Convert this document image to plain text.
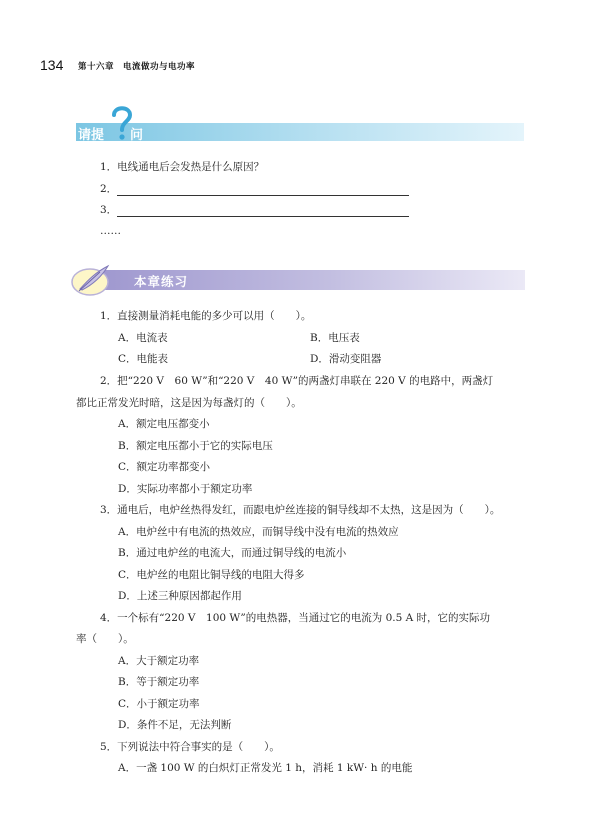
134 第十六章　电流做功与电功率
请提 问
1．电线通电后会发热是什么原因？
2．
3．
……
本章练习
1．直接测量消耗电能的多少可以用（　　）。
A．电流表	B．电压表
C．电能表	D．滑动变阻器
2．把“220 V　60 W”和“220 V　40 W”的两盏灯串联在 220 V 的电路中，两盏灯
都比正常发光时暗，这是因为每盏灯的（　　）。
A．额定电压都变小
B．额定电压都小于它的实际电压
C．额定功率都变小
D．实际功率都小于额定功率
3．通电后，电炉丝热得发红，而跟电炉丝连接的铜导线却不太热，这是因为（　　）。
A．电炉丝中有电流的热效应，而铜导线中没有电流的热效应
B．通过电炉丝的电流大，而通过铜导线的电流小
C．电炉丝的电阻比铜导线的电阻大得多
D．上述三种原因都起作用
4．一个标有“220 V　100 W”的电热器，当通过它的电流为 0.5 A 时，它的实际功
率（　　）。
A．大于额定功率
B．等于额定功率
C．小于额定功率
D．条件不足，无法判断
5．下列说法中符合事实的是（　　）。
A．一盏 100 W 的白炽灯正常发光 1 h，消耗 1 kW· h 的电能
